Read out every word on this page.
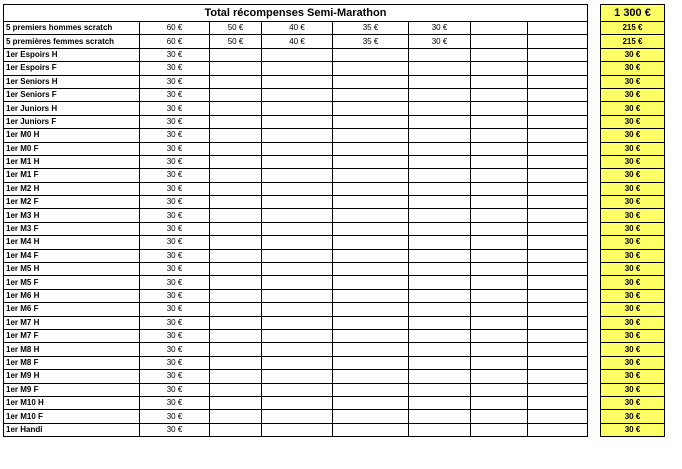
Total récompenses Semi-Marathon									1 300 €
5 premiers hommes scratch	60 €	50 €	40 €	35 €	30 €				215 €
5 premières femmes scratch	60 €	50 €	40 €	35 €	30 €				215 €
1er Espoirs H	30 €								30 €
1er Espoirs F	30 €								30 €
1er Seniors H	30 €								30 €
1er Seniors F	30 €								30 €
1er Juniors H	30 €								30 €
1er Juniors F	30 €								30 €
1er M0 H	30 €								30 €
1er M0 F	30 €								30 €
1er M1 H	30 €								30 €
1er M1 F	30 €								30 €
1er M2 H	30 €								30 €
1er M2 F	30 €								30 €
1er M3 H	30 €								30 €
1er M3 F	30 €								30 €
1er M4 H	30 €								30 €
1er M4 F	30 €								30 €
1er M5 H	30 €								30 €
1er M5 F	30 €								30 €
1er M6 H	30 €								30 €
1er M6 F	30 €								30 €
1er M7 H	30 €								30 €
1er M7 F	30 €								30 €
1er M8 H	30 €								30 €
1er M8 F	30 €								30 €
1er M9 H	30 €								30 €
1er M9 F	30 €								30 €
1er M10 H	30 €								30 €
1er M10 F	30 €								30 €
1er Handi	30 €								30 €
